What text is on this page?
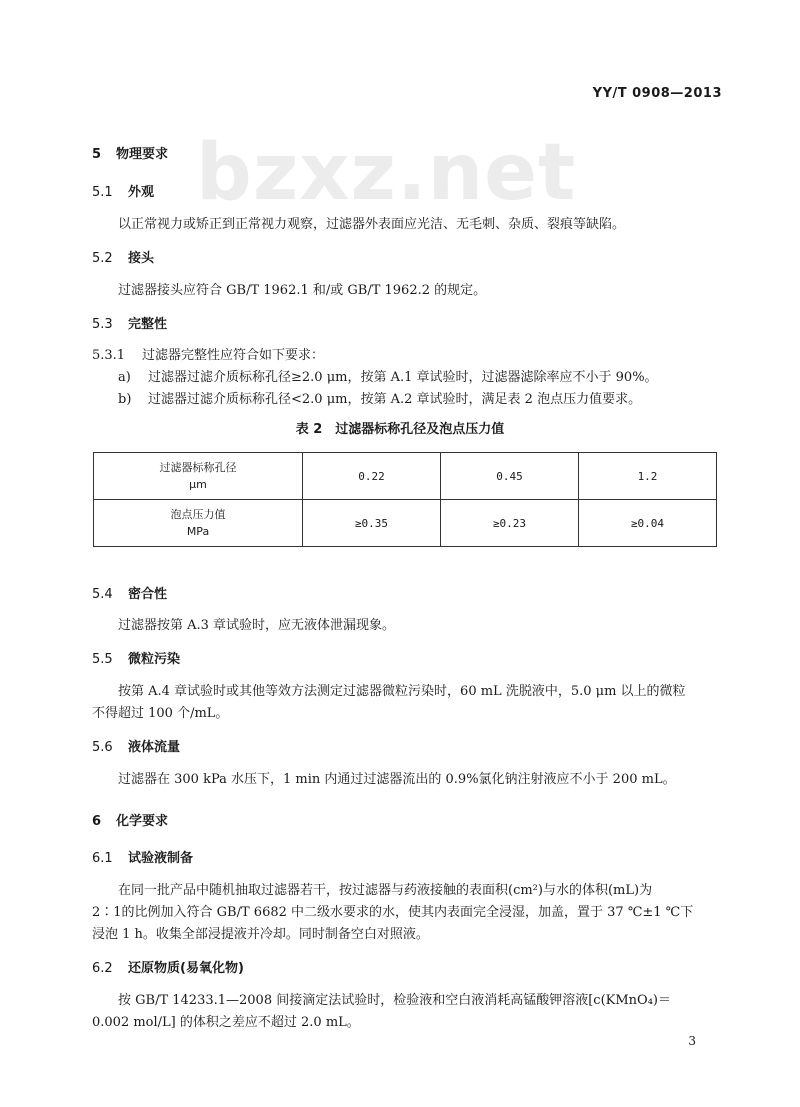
YY/T 0908—2013
bzxz.net
5 物理要求
5.1 外观
以正常视力或矫正到正常视力观察，过滤器外表面应光洁、无毛刺、杂质、裂痕等缺陷。
5.2 接头
过滤器接头应符合 GB/T 1962.1 和/或 GB/T 1962.2 的规定。
5.3 完整性
5.3.1 过滤器完整性应符合如下要求：
a) 过滤器过滤介质标称孔径≥2.0 μm，按第 A.1 章试验时，过滤器滤除率应不小于 90%。
b) 过滤器过滤介质标称孔径<2.0 μm，按第 A.2 章试验时，满足表 2 泡点压力值要求。
表 2　过滤器标称孔径及泡点压力值
过滤器标称孔径
μm	0.22	0.45	1.2

泡点压力值
MPa	≥0.35	≥0.23	≥0.04
5.4 密合性
过滤器按第 A.3 章试验时，应无液体泄漏现象。
5.5 微粒污染
按第 A.4 章试验时或其他等效方法测定过滤器微粒污染时，60 mL 洗脱液中，5.0 μm 以上的微粒
不得超过 100 个/mL。
5.6 液体流量
过滤器在 300 kPa 水压下，1 min 内通过过滤器流出的 0.9%氯化钠注射液应不小于 200 mL。
6 化学要求
6.1 试验液制备
在同一批产品中随机抽取过滤器若干，按过滤器与药液接触的表面积(cm²)与水的体积(mL)为
2∶1的比例加入符合 GB/T 6682 中二级水要求的水，使其内表面完全浸湿，加盖，置于 37 ℃±1 ℃下
浸泡 1 h。收集全部浸提液并冷却。同时制备空白对照液。
6.2 还原物质(易氧化物)
按 GB/T 14233.1—2008 间接滴定法试验时，检验液和空白液消耗高锰酸钾溶液[c(KMnO₄)＝
0.002 mol/L] 的体积之差应不超过 2.0 mL。
3
